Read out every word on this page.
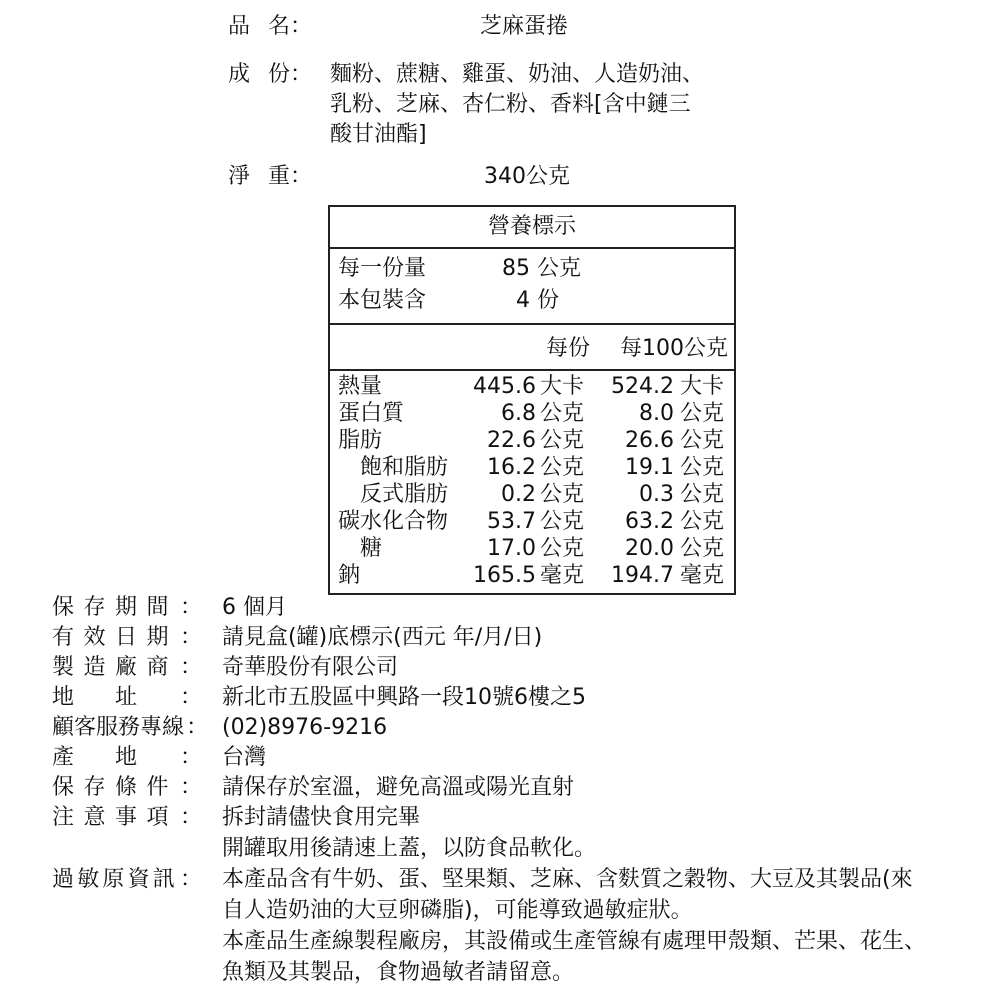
品 名：	芝麻蛋捲
成 份： 麵粉、蔗糖、雞蛋、奶油、人造奶油、
乳粉、芝麻、杏仁粉、香料[含中鏈三
酸甘油酯]
淨 重：	340公克
營養標示
每一份量	85 公克
本包裝含	4 份
每份 每100公克
熱量	445.6 大卡 524.2 大卡
蛋白質	6.8 公克 8.0 公克
脂肪	22.6 公克 26.6 公克
飽和脂肪 16.2 公克 19.1 公克
反式脂肪 0.2 公克 0.3 公克
碳水化合物 53.7 公克 63.2 公克
糖	17.0 公克 20.0 公克
鈉	165.5 毫克 194.7 毫克
保 存 期 間 ： 6 個月
有 效 日 期 ： 請見盒(罐)底標示(西元 年/月/日)
製 造 廠 商 ： 奇華股份有限公司
地 址 ： 新北市五股區中興路一段10號6樓之5
顧 客 服 務 專 線 ： (02)8976-9216
產 地 ： 台灣
保 存 條 件 ： 請保存於室溫，避免高溫或陽光直射
注 意 事 項 ： 拆封請儘快食用完畢
開罐取用後請速上蓋，以防食品軟化。
過 敏 原 資 訊 ： 本產品含有牛奶、蛋、堅果類、芝麻、含麩質之穀物、大豆及其製品(來
自人造奶油的大豆卵磷脂)，可能導致過敏症狀。
本產品生產線製程廠房，其設備或生產管線有處理甲殼類、芒果、花生、
魚類及其製品，食物過敏者請留意。
